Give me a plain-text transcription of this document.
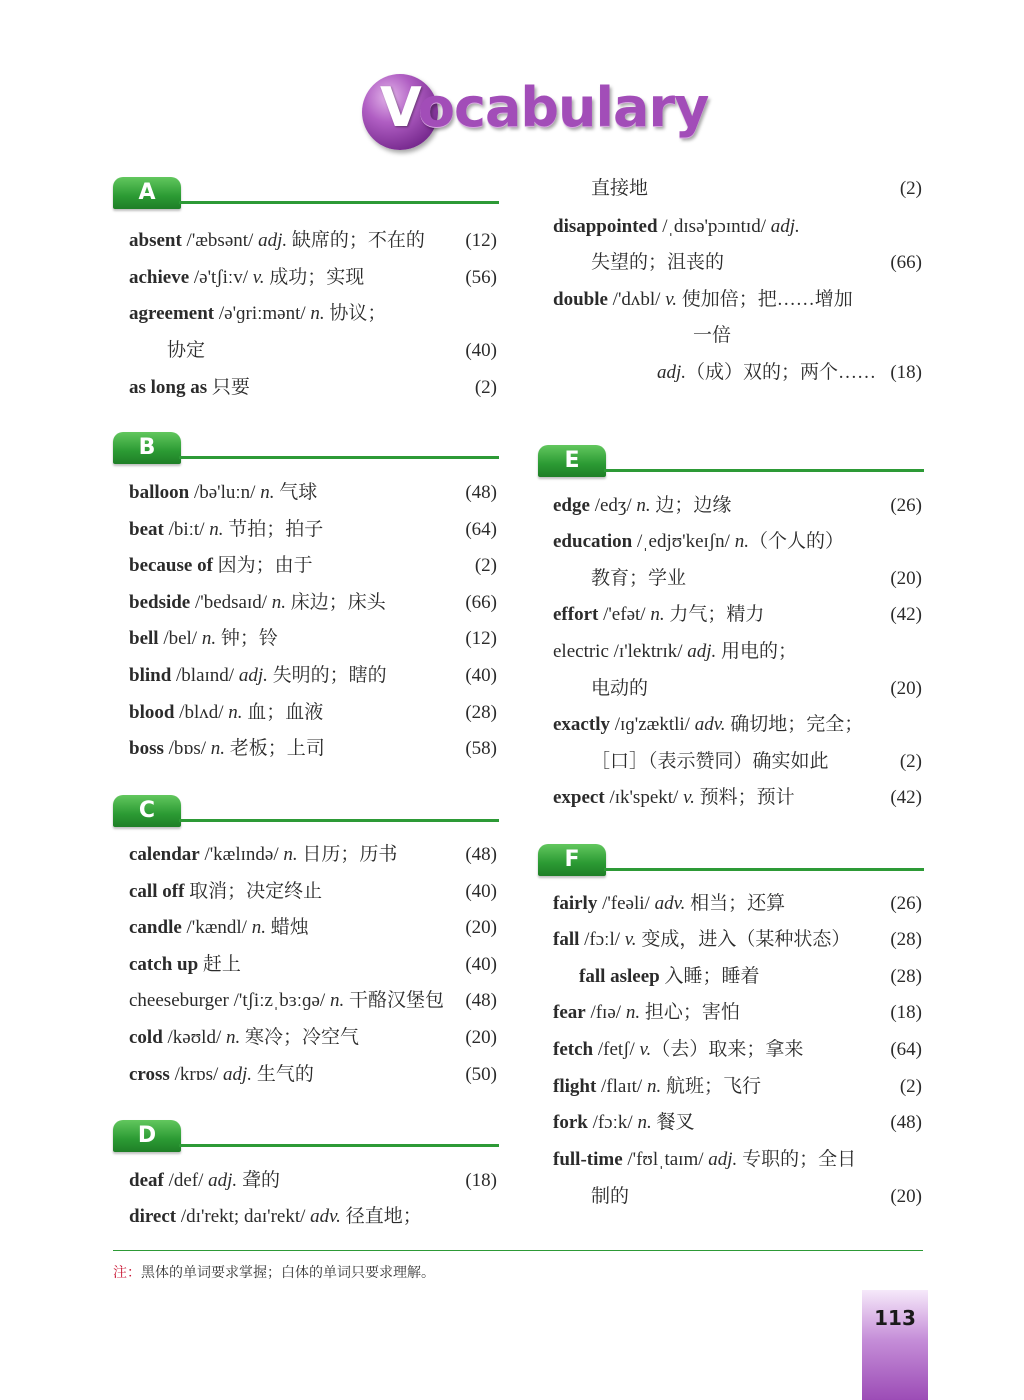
Vocabulary
A
absent /'æbsənt/ adj. 缺席的；不在的 (12)
achieve /ə'tʃiːv/ v. 成功；实现	(56)
agreement /ə'ɡriːmənt/ n. 协议；
协定	(40)
as long as 只要	(2)
B
balloon /bə'luːn/ n. 气球	(48)
beat /biːt/ n. 节拍；拍子	(64)
because of 因为；由于	(2)
bedside /'bedsaɪd/ n. 床边；床头	(66)
bell /bel/ n. 钟；铃	(12)
blind /blaɪnd/ adj. 失明的；瞎的	(40)
blood /blʌd/ n. 血；血液	(28)
boss /bɒs/ n. 老板；上司	(58)
C
calendar /'kælɪndə/ n. 日历；历书	(48)
call off 取消；决定终止	(40)
candle /'kændl/ n. 蜡烛	(20)
catch up 赶上	(40)
cheeseburger /'tʃiːzˌbɜːɡə/ n. 干酪汉堡包 (48)
cold /kəʊld/ n. 寒冷；冷空气	(20)
cross /krɒs/ adj. 生气的	(50)
D
deaf /def/ adj. 聋的	(18)
direct /dɪ'rekt; daɪ'rekt/ adv. 径直地；
直接地	(2)
disappointed /ˌdɪsə'pɔɪntɪd/ adj.
失望的；沮丧的	(66)
double /'dʌbl/ v. 使加倍；把……增加
一倍
adj.（成）双的；两个…… (18)
E
edge /edʒ/ n. 边；边缘	(26)
education /ˌedjʊ'keɪʃn/ n.（个人的）
教育；学业	(20)
effort /'efət/ n. 力气；精力	(42)
electric /ɪ'lektrɪk/ adj. 用电的；
电动的	(20)
exactly /ɪɡ'zæktli/ adv. 确切地；完全；
［口］（表示赞同）确实如此	(2)
expect /ɪk'spekt/ v. 预料；预计	(42)
F
fairly /'feəli/ adv. 相当；还算	(26)
fall /fɔːl/ v. 变成，进入（某种状态） (28)
fall asleep 入睡；睡着	(28)
fear /fɪə/ n. 担心；害怕	(18)
fetch /fetʃ/ v.（去）取来；拿来	(64)
flight /flaɪt/ n. 航班；飞行	(2)
fork /fɔːk/ n. 餐叉	(48)
full-time /'fʊlˌtaɪm/ adj. 专职的；全日
制的	(20)
注：黑体的单词要求掌握；白体的单词只要求理解。
113
